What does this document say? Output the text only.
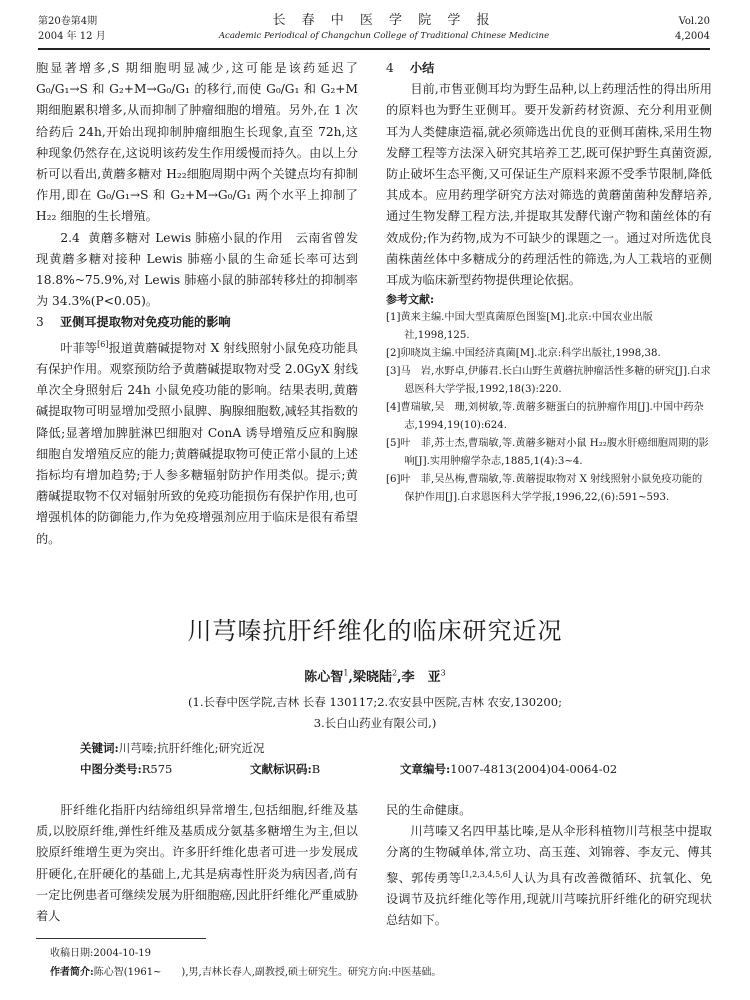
第20卷第4期
2004 年 12 月
长 春 中 医 学 院 学 报
Academic Periodical of Changchun College of Traditional Chinese Medicine
Vol.20
4,2004

胞显著增多,S 期细胞明显减少,这可能是该药延迟了 G₀/G₁→S 和 G₂+M→G₀/G₁ 的移行,而使 G₀/G₁ 和 G₂+M 期细胞累积增多,从而抑制了肿瘤细胞的增殖。另外,在 1 次给药后 24h,开始出现抑制肿瘤细胞生长现象,直至 72h,这种现象仍然存在,这说明该药发生作用缓慢而持久。由以上分析可以看出,黄蘑多糖对 H₂₂细胞周期中两个关键点均有抑制作用,即在 G₀/G₁→S 和 G₂+M→G₀/G₁ 两个水平上抑制了 H₂₂ 细胞的生长增殖。

2.4 黄蘑多糖对 Lewis 肺癌小鼠的作用　云南省曾发现黄蘑多糖对接种 Lewis 肺癌小鼠的生命延长率可达到 18.8%~75.9%,对 Lewis 肺癌小鼠的肺部转移灶的抑制率为 34.3%(P<0.05)。

3 亚侧耳提取物对免疫功能的影响

叶菲等[6]报道黄蘑碱提物对 X 射线照射小鼠免疫功能具有保护作用。观察预防给予黄蘑碱提取物对受 2.0GyX 射线单次全身照射后 24h 小鼠免疫功能的影响。结果表明,黄蘑碱提取物可明显增加受照小鼠脾、胸腺细胞数,减轻其指数的降低;显著增加脾脏淋巴细胞对 ConA 诱导增殖反应和胸腺细胞自发增殖反应的能力;黄蘑碱提取物可使正常小鼠的上述指标均有增加趋势;于人参多糖辐射防护作用类似。提示;黄蘑碱提取物不仅对辐射所致的免疫功能损伤有保护作用,也可增强机体的防御能力,作为免疫增强剂应用于临床是很有希望的。

4 小结

目前,市售亚侧耳均为野生品种,以上药理活性的得出所用的原料也为野生亚侧耳。要开发新药材资源、充分利用亚侧耳为人类健康造福,就必须筛选出优良的亚侧耳菌株,采用生物发酵工程等方法深入研究其培养工艺,既可保护野生真菌资源,防止破坏生态平衡,又可保证生产原料来源不受季节限制,降低其成本。应用药理学研究方法对筛选的黄蘑菌菌种发酵培养,通过生物发酵工程方法,并提取其发酵代谢产物和菌丝体的有效成份;作为药物,成为不可缺少的课题之一。通过对所选优良菌株菌丝体中多糖成分的药理活性的筛选,为人工栽培的亚侧耳成为临床新型药物提供理论依据。

参考文献:

[1]黄来主编.中国大型真菌原色图鉴[M].北京:中国农业出版社,1998,125.

[2]卯晓岚主编.中国经济真菌[M].北京:科学出版社,1998,38.

[3]马　岩,水野卓,伊藤君.长白山野生黄蘑抗肿瘤活性多糖的研究[J].白求恩医科大学学报,1992,18(3):220.

[4]曹瑞敏,吴　珊,刘树敏,等.黄蘑多糖蛋白的抗肿瘤作用[J].中国中药杂志,1994,19(10):624.

[5]叶　菲,苏士杰,曹瑞敏,等.黄蘑多糖对小鼠 H₂₂腹水肝癌细胞周期的影响[J].实用肿瘤学杂志,1885,1(4):3~4.

[6]叶　菲,吴丛梅,曹瑞敏,等.黄蘑提取物对 X 射线照射小鼠免疫功能的保护作用[J].白求恩医科大学学报,1996,22,(6):591~593.

川芎嗪抗肝纤维化的临床研究近况
陈心智$^1$,梁晓陆$^2$,李　亚$^3$
(1.长春中医学院,吉林 长春 130117;2.农安县中医院,吉林 农安,130200;
3.长白山药业有限公司,)
关键词:川芎嗪;抗肝纤维化;研究近况
中图分类号:R575	文献标识码:B	文章编号:1007-4813(2004)04-0064-02

肝纤维化指肝内结缔组织异常增生,包括细胞,纤维及基质,以胶原纤维,弹性纤维及基质成分氨基多糖增生为主,但以胶原纤维增生更为突出。许多肝纤维化患者可进一步发展成肝硬化,在肝硬化的基础上,尤其是病毒性肝炎为病因者,尚有一定比例患者可继续发展为肝细胞癌,因此肝纤维化严重威胁着人

民的生命健康。

川芎嗪又名四甲基比嗪,是从伞形科植物川芎根茎中提取分离的生物碱单体,常立功、高玉莲、刘锦蓉、李友元、傅其黎、郭传勇等[1,2,3,4,5,6]人认为具有改善微循环、抗氧化、免设调节及抗纤维化等作用,现就川芎嗪抗肝纤维化的研究现状总结如下。

收稿日期:2004-10-19

作者简介:陈心智(1961~　　),男,吉林长春人,副教授,硕士研究生。研究方向:中医基础。
